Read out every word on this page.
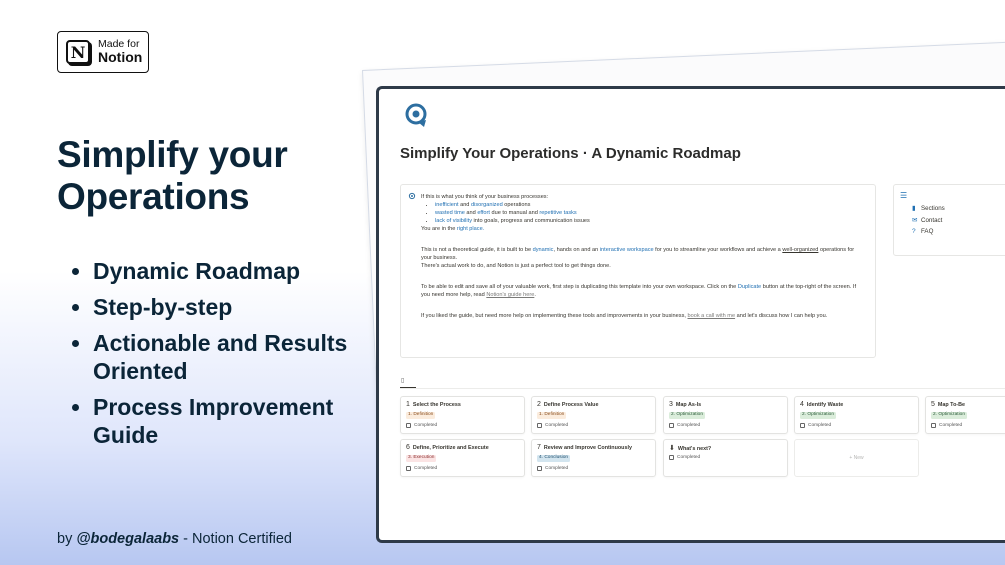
N	Made for
Notion
Simplify your Operations
Dynamic Roadmap
Step-by-step
Actionable and Results Oriented
Process Improvement Guide
by @bodegalaabs - Notion Certified
Simplify Your Operations · A Dynamic Roadmap

If this is what you think of your business processes:

• inefficient and disorganized operations
• wasted time and effort due to manual and repetitive tasks
• lack of visibility into goals, progress and communication issues

You are in the right place.

This is not a theoretical guide, it is built to be dynamic, hands on and an interactive workspace for you to streamline your workflows and achieve a well-organized operations for your business.

There's actual work to do, and Notion is just a perfect tool to get things done.

To be able to edit and save all of your valuable work, first step is duplicating this template into your own workspace. Click on the Duplicate button at the top-right of the screen. If you need more help, read Notion's guide here.

If you liked the guide, but need more help on implementing these tools and improvements in your business, book a call with me and let's discuss how I can help you.

☰
▮ Sections
✉ Contact
? FAQ
▯
+ New
1 Select the Process
1. Definition
Completed
2 Define Process Value
1. Definition
Completed
3 Map As-Is
2. Optimization
Completed
4 Identify Waste
2. Optimization
Completed
5 Map To-Be
2. Optimization
Completed
6 Define, Prioritize and Execute
3. Execution
Completed
7 Review and Improve Continuously
4. Conclusion
Completed
⬇ What's next?
Completed
